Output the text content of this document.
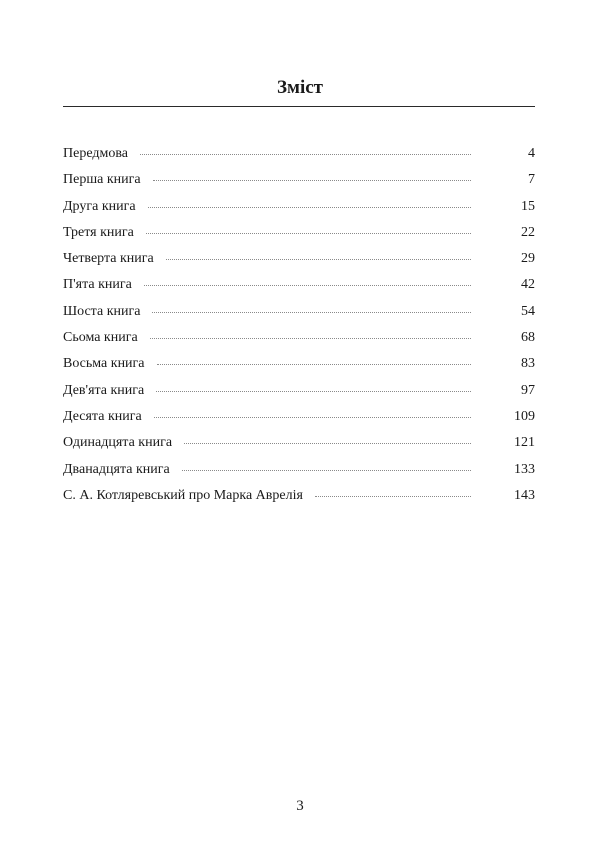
Зміст
Передмова	4
Перша книга	7
Друга книга	15
Третя книга	22
Четверта книга	29
П'ята книга	42
Шоста книга	54
Сьома книга	68
Восьма книга	83
Дев'ята книга	97
Десята книга	109
Одинадцята книга	121
Дванадцята книга	133
С. А. Котляревський про Марка Аврелія	143
3
